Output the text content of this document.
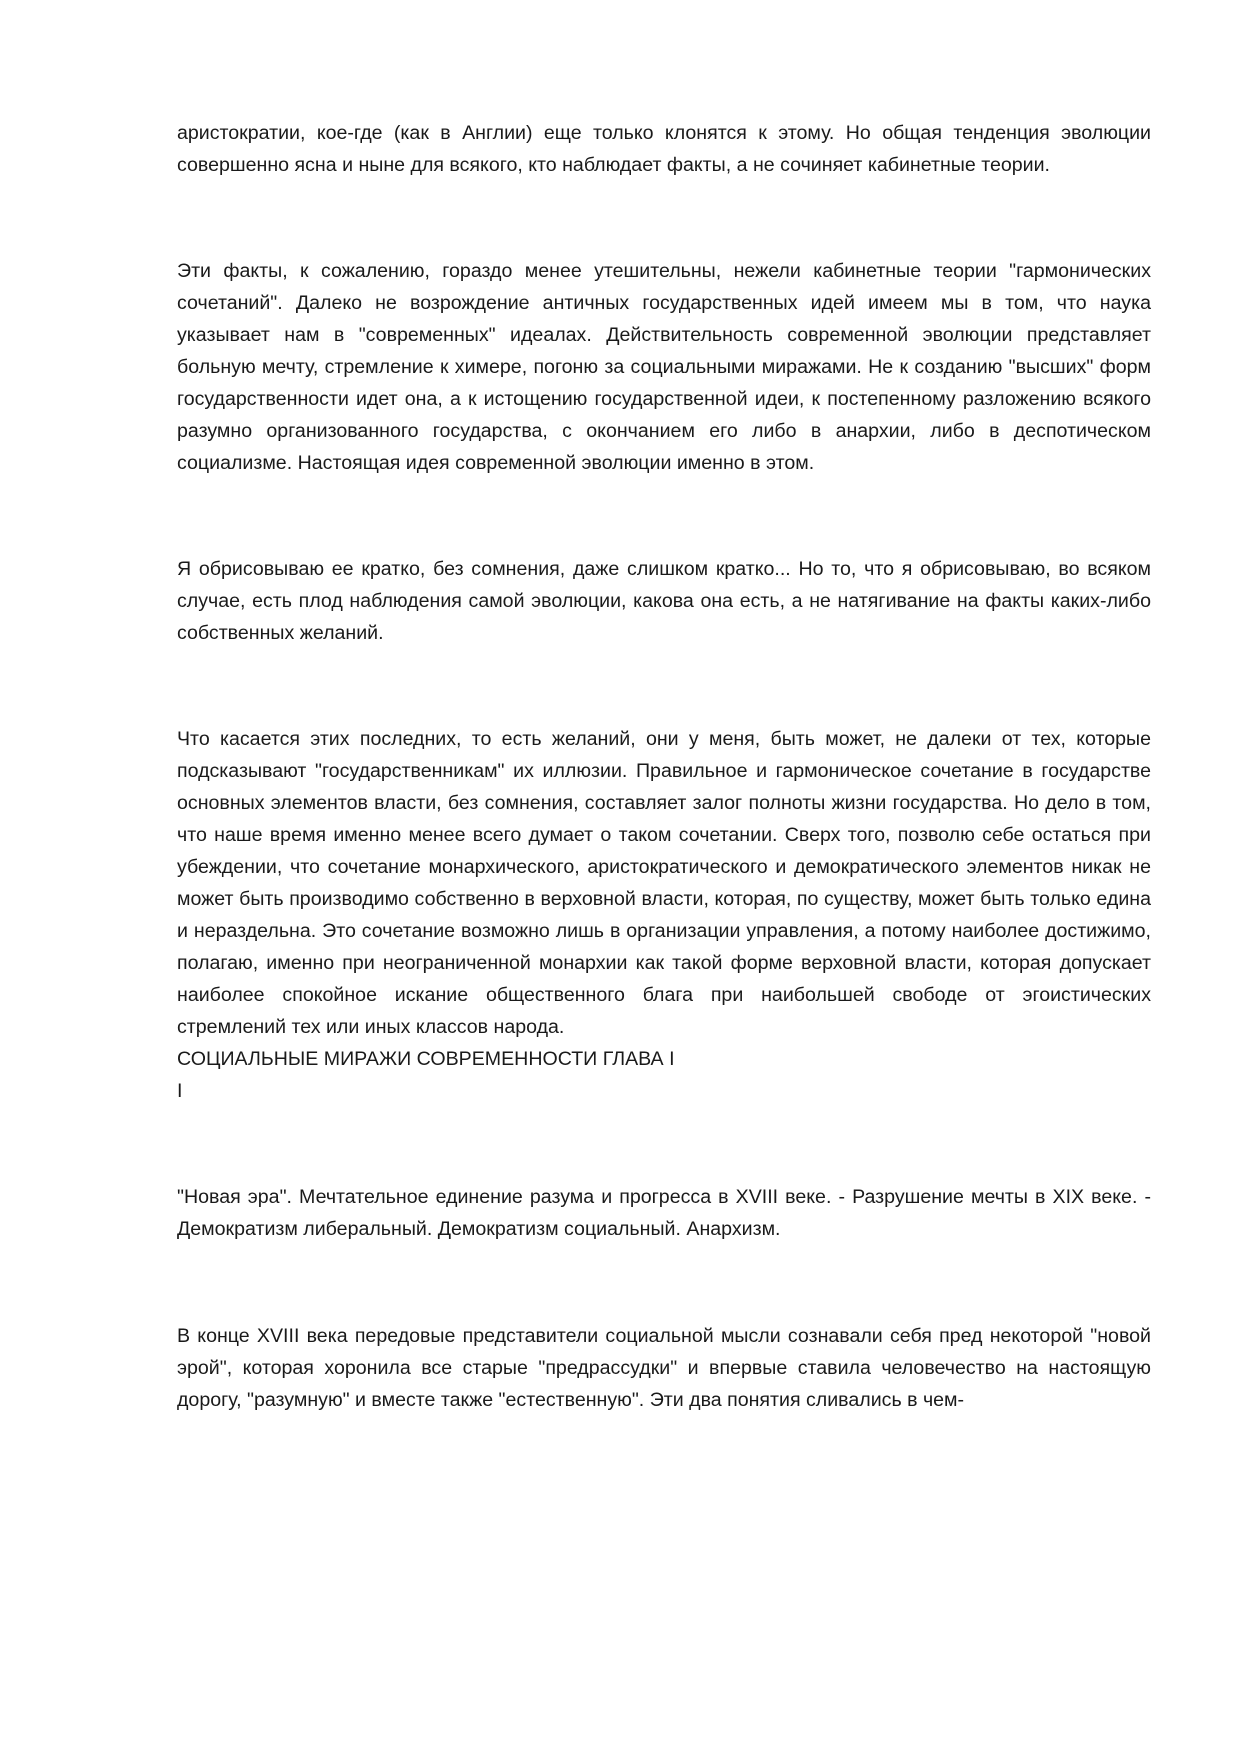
аристократии, кое-где (как в Англии) еще только клонятся к этому. Но общая тенденция эволюции совершенно ясна и ныне для всякого, кто наблюдает факты, а не сочиняет кабинетные теории.

Эти факты, к сожалению, гораздо менее утешительны, нежели кабинетные теории "гармонических сочетаний". Далеко не возрождение античных государственных идей имеем мы в том, что наука указывает нам в "современных" идеалах. Действительность современной эволюции представляет больную мечту, стремление к химере, погоню за социальными миражами. Не к созданию "высших" форм государственности идет она, а к истощению государственной идеи, к постепенному разложению всякого разумно организованного государства, с окончанием его либо в анархии, либо в деспотическом социализме. Настоящая идея современной эволюции именно в этом.

Я обрисовываю ее кратко, без сомнения, даже слишком кратко... Но то, что я обрисовываю, во всяком случае, есть плод наблюдения самой эволюции, какова она есть, а не натягивание на факты каких-либо собственных желаний.

Что касается этих последних, то есть желаний, они у меня, быть может, не далеки от тех, которые подсказывают "государственникам" их иллюзии. Правильное и гармоническое сочетание в государстве основных элементов власти, без сомнения, составляет залог полноты жизни государства. Но дело в том, что наше время именно менее всего думает о таком сочетании. Сверх того, позволю себе остаться при убеждении, что сочетание монархического, аристократического и демократического элементов никак не может быть производимо собственно в верховной власти, которая, по существу, может быть только едина и нераздельна. Это сочетание возможно лишь в организации управления, а потому наиболее достижимо, полагаю, именно при неограниченной монархии как такой форме верховной власти, которая допускает наиболее спокойное искание общественного блага при наибольшей свободе от эгоистических стремлений тех или иных классов народа.

СОЦИАЛЬНЫЕ МИРАЖИ СОВРЕМЕННОСТИ ГЛАВА I

I

"Новая эра". Мечтательное единение разума и прогресса в XVIII веке. - Разрушение мечты в XIX веке. - Демократизм либеральный. Демократизм социальный. Анархизм.

В конце XVIII века передовые представители социальной мысли сознавали себя пред некоторой "новой эрой", которая хоронила все старые "предрассудки" и впервые ставила человечество на настоящую дорогу, "разумную" и вместе также "естественную". Эти два понятия сливались в чем-
